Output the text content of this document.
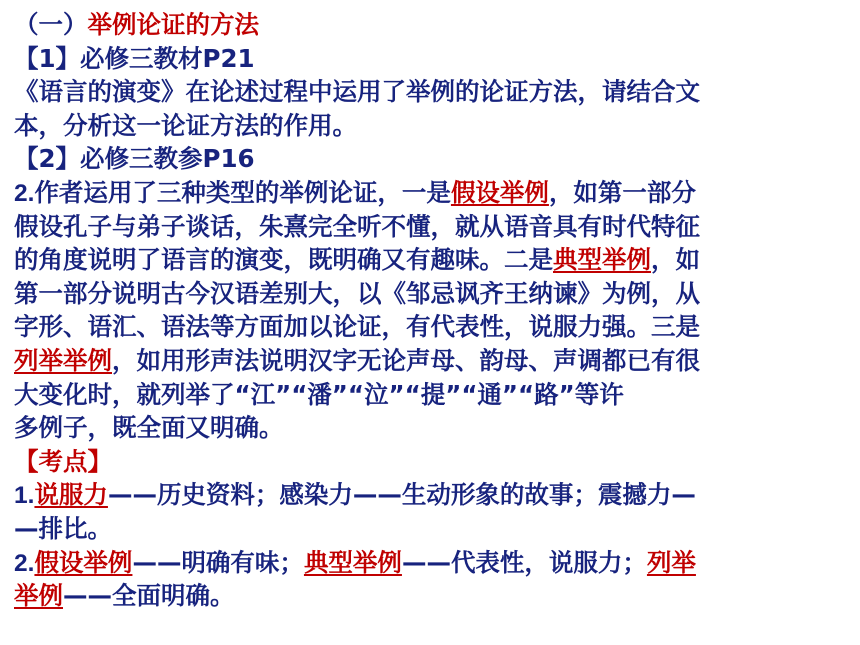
（一）举例论证的方法
【1】必修三教材P21
《语言的演变》在论述过程中运用了举例的论证方法，请结合文
本，分析这一论证方法的作用。
【2】必修三教参P16
2.作者运用了三种类型的举例论证，一是假设举例，如第一部分
假设孔子与弟子谈话，朱熹完全听不懂，就从语音具有时代特征
的角度说明了语言的演变，既明确又有趣味。二是典型举例，如
第一部分说明古今汉语差别大，以《邹忌讽齐王纳谏》为例，从
字形、语汇、语法等方面加以论证，有代表性，说服力强。三是
列举举例，如用形声法说明汉字无论声母、韵母、声调都已有很
大变化时，就列举了“江”“潘”“泣”“提”“通”“路”等许
多例子，既全面又明确。
【考点】
1.说服力——历史资料；感染力——生动形象的故事；震撼力—
—排比。
2.假设举例——明确有味；典型举例——代表性，说服力；列举
举例——全面明确。
